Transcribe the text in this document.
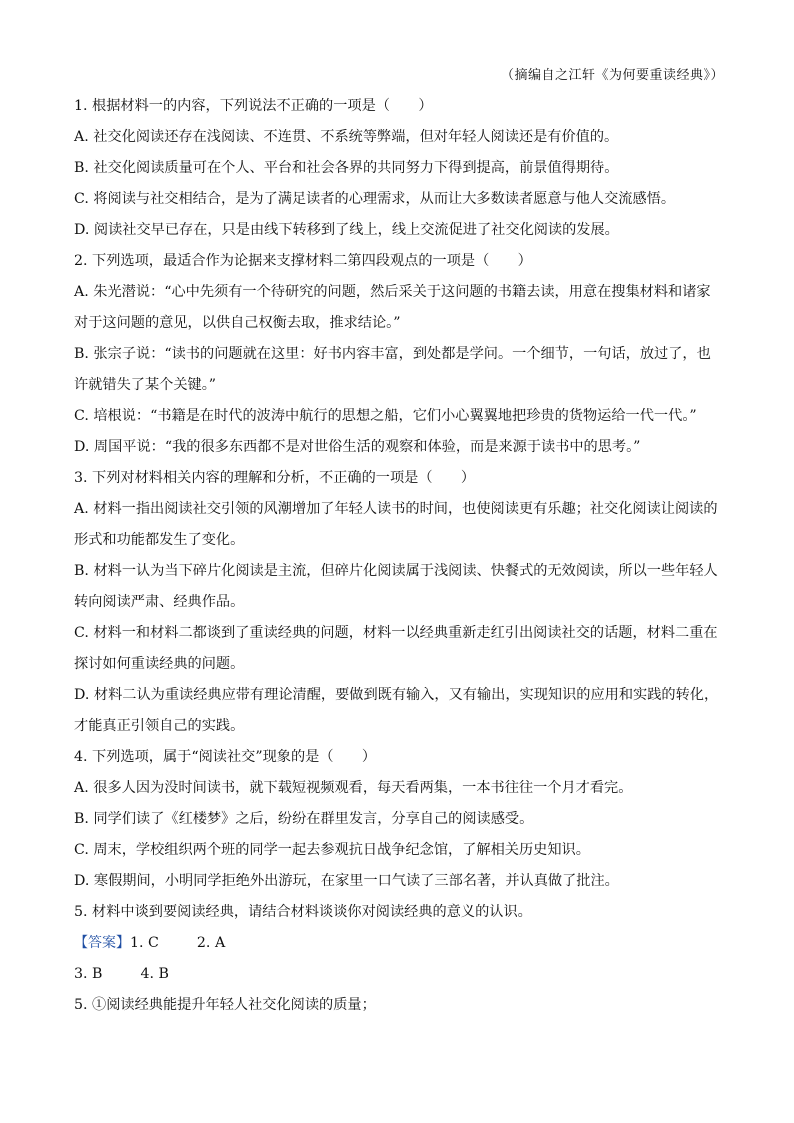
（摘编自之江轩《为何要重读经典》）
1. 根据材料一的内容，下列说法不正确的一项是（　　）
A. 社交化阅读还存在浅阅读、不连贯、不系统等弊端，但对年轻人阅读还是有价值的。
B. 社交化阅读质量可在个人、平台和社会各界的共同努力下得到提高，前景值得期待。
C. 将阅读与社交相结合，是为了满足读者的心理需求，从而让大多数读者愿意与他人交流感悟。
D. 阅读社交早已存在，只是由线下转移到了线上，线上交流促进了社交化阅读的发展。
2. 下列选项，最适合作为论据来支撑材料二第四段观点的一项是（　　）
A. 朱光潜说：“心中先须有一个待研究的问题，然后采关于这问题的书籍去读，用意在搜集材料和诸家
对于这问题的意见，以供自己权衡去取，推求结论。”
B. 张宗子说：“读书的问题就在这里：好书内容丰富，到处都是学问。一个细节，一句话，放过了，也
许就错失了某个关键。”
C. 培根说：“书籍是在时代的波涛中航行的思想之船，它们小心翼翼地把珍贵的货物运给一代一代。”
D. 周国平说：“我的很多东西都不是对世俗生活的观察和体验，而是来源于读书中的思考。”
3. 下列对材料相关内容的理解和分析，不正确的一项是（　　）
A. 材料一指出阅读社交引领的风潮增加了年轻人读书的时间，也使阅读更有乐趣；社交化阅读让阅读的
形式和功能都发生了变化。
B. 材料一认为当下碎片化阅读是主流，但碎片化阅读属于浅阅读、快餐式的无效阅读，所以一些年轻人
转向阅读严肃、经典作品。
C. 材料一和材料二都谈到了重读经典的问题，材料一以经典重新走红引出阅读社交的话题，材料二重在
探讨如何重读经典的问题。
D. 材料二认为重读经典应带有理论清醒，要做到既有输入，又有输出，实现知识的应用和实践的转化，
才能真正引领自己的实践。
4. 下列选项，属于“阅读社交”现象的是（　　）
A. 很多人因为没时间读书，就下载短视频观看，每天看两集，一本书往往一个月才看完。
B. 同学们读了《红楼梦》之后，纷纷在群里发言，分享自己的阅读感受。
C. 周末，学校组织两个班的同学一起去参观抗日战争纪念馆，了解相关历史知识。
D. 寒假期间，小明同学拒绝外出游玩，在家里一口气读了三部名著，并认真做了批注。
5. 材料中谈到要阅读经典，请结合材料谈谈你对阅读经典的意义的认识。
【答案】1. C	2. A
3. B	4. B
5. ①阅读经典能提升年轻人社交化阅读的质量；
